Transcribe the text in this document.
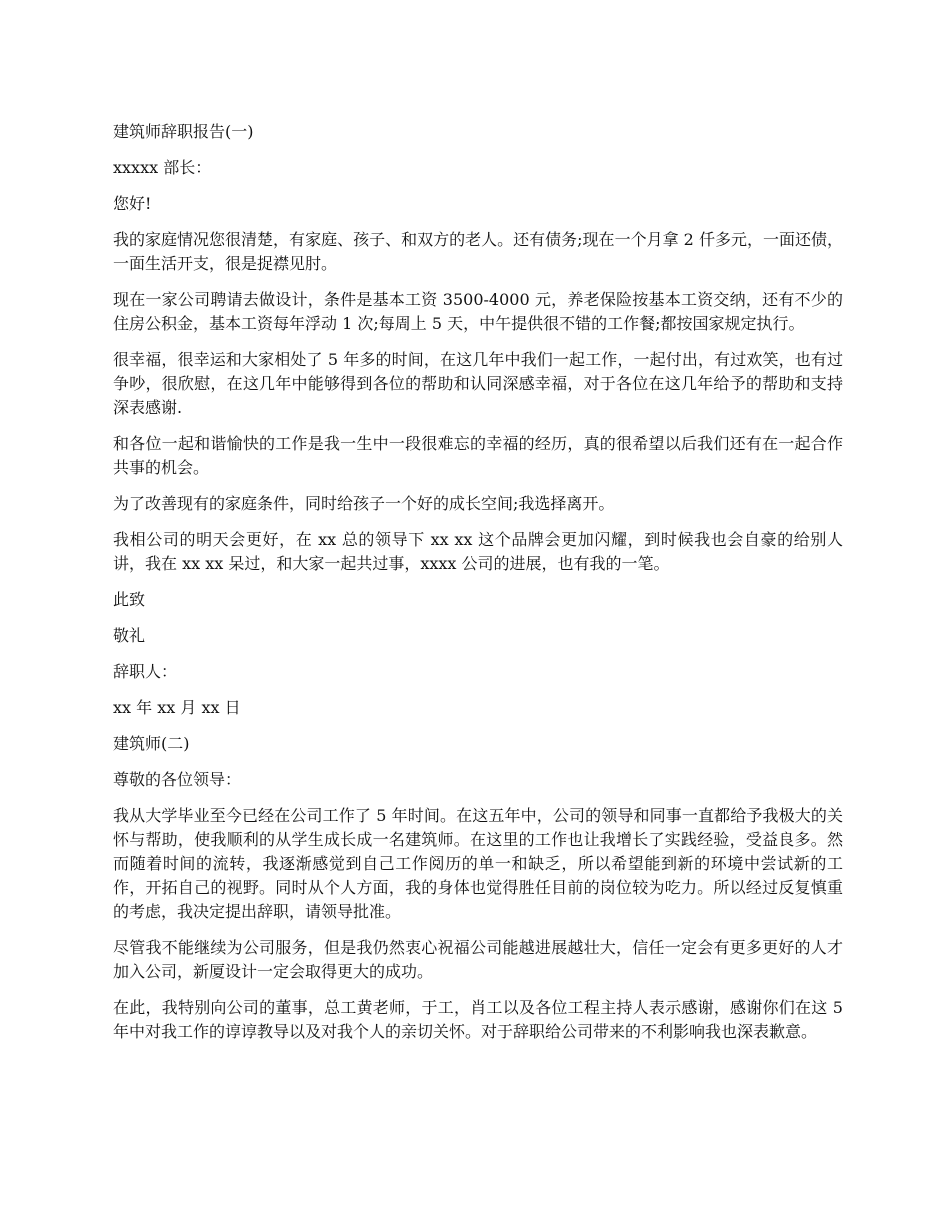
建筑师辞职报告(一)

xxxxx 部长：

您好!

我的家庭情况您很清楚，有家庭、孩子、和双方的老人。还有债务;现在一个月拿 2 仟多元，一面还债，一面生活开支，很是捉襟见肘。

现在一家公司聘请去做设计，条件是基本工资 3500-4000 元，养老保险按基本工资交纳，还有不少的住房公积金，基本工资每年浮动 1 次;每周上 5 天，中午提供很不错的工作餐;都按国家规定执行。

很幸福，很幸运和大家相处了 5 年多的时间，在这几年中我们一起工作，一起付出，有过欢笑，也有过争吵，很欣慰，在这几年中能够得到各位的帮助和认同深感幸福，对于各位在这几年给予的帮助和支持深表感谢.

和各位一起和谐愉快的工作是我一生中一段很难忘的幸福的经历，真的很希望以后我们还有在一起合作共事的机会。

为了改善现有的家庭条件，同时给孩子一个好的成长空间;我选择离开。

我相公司的明天会更好，在 xx 总的领导下 xx xx 这个品牌会更加闪耀，到时候我也会自豪的给别人讲，我在 xx xx 呆过，和大家一起共过事，xxxx 公司的进展，也有我的一笔。

此致

敬礼

辞职人：

xx 年 xx 月 xx 日

建筑师(二)

尊敬的各位领导：

我从大学毕业至今已经在公司工作了 5 年时间。在这五年中，公司的领导和同事一直都给予我极大的关怀与帮助，使我顺利的从学生成长成一名建筑师。在这里的工作也让我增长了实践经验，受益良多。然而随着时间的流转，我逐渐感觉到自己工作阅历的单一和缺乏，所以希望能到新的环境中尝试新的工作，开拓自己的视野。同时从个人方面，我的身体也觉得胜任目前的岗位较为吃力。所以经过反复慎重的考虑，我决定提出辞职，请领导批准。

尽管我不能继续为公司服务，但是我仍然衷心祝福公司能越进展越壮大，信任一定会有更多更好的人才加入公司，新厦设计一定会取得更大的成功。

在此，我特别向公司的董事，总工黄老师，于工，肖工以及各位工程主持人表示感谢，感谢你们在这 5 年中对我工作的谆谆教导以及对我个人的亲切关怀。对于辞职给公司带来的不利影响我也深表歉意。
